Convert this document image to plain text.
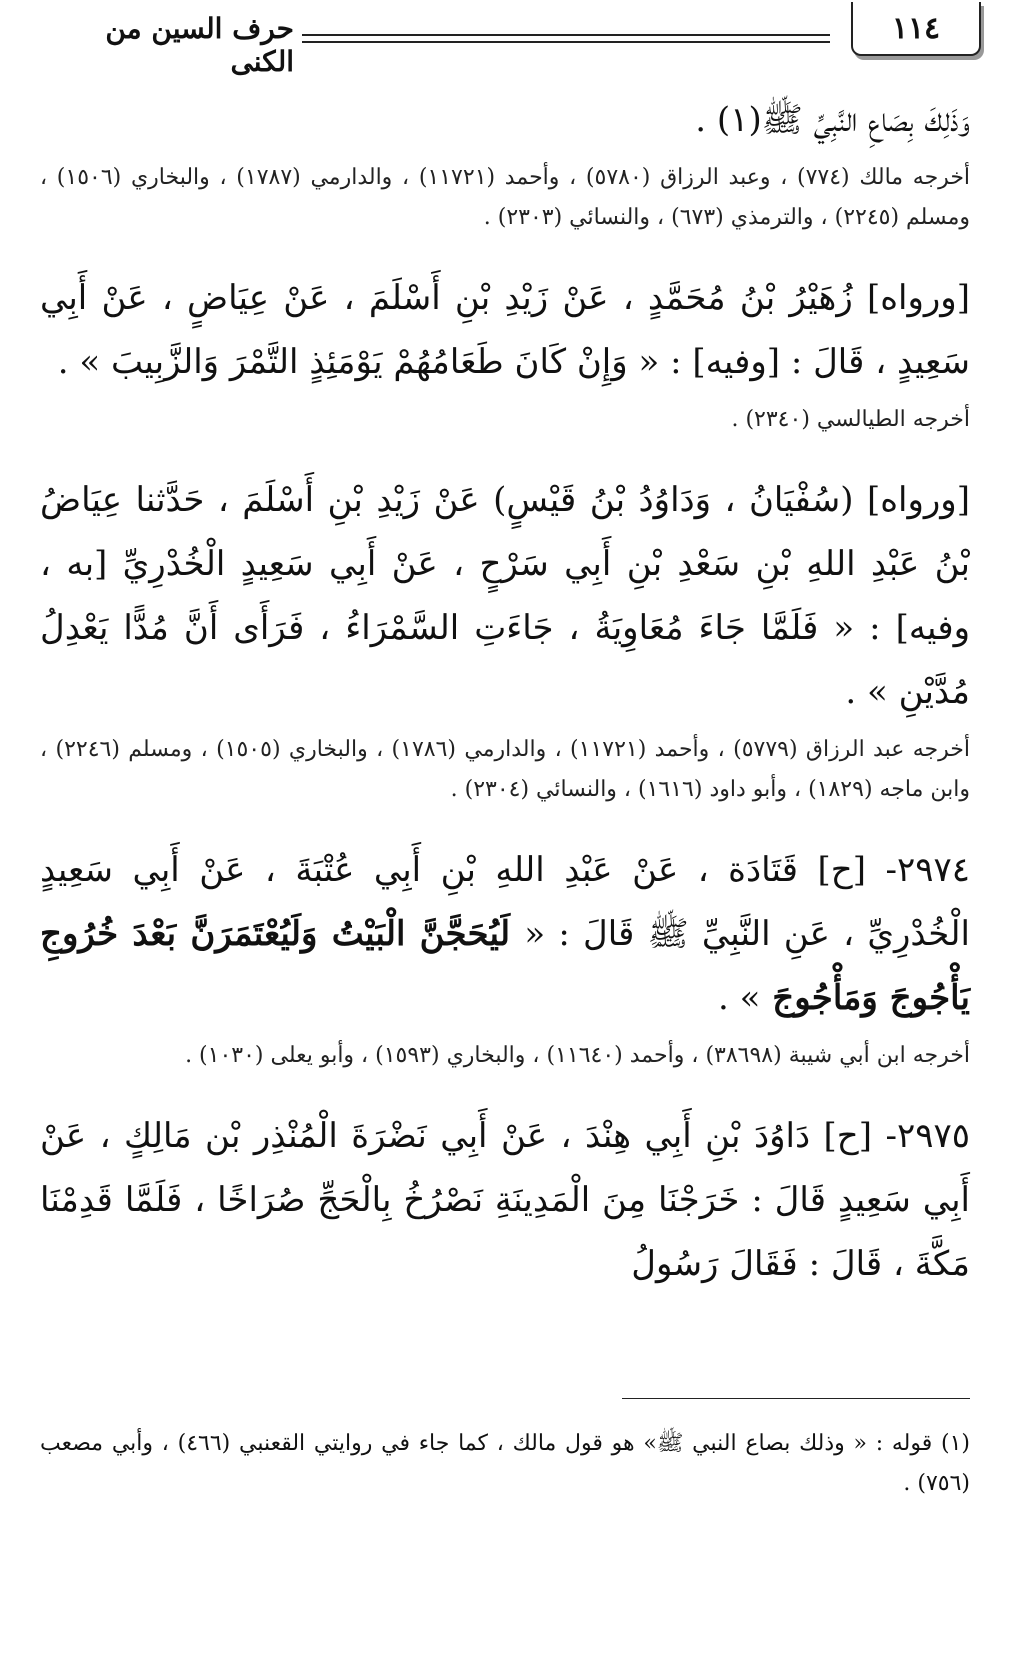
١١٤
حرف السين من الكنى

وَذَلِكَ بِصَاعِ النَّبِيِّ ﷺ(١) .

أخرجه مالك (٧٧٤) ، وعبد الرزاق (٥٧٨٠) ، وأحمد (١١٧٢١) ، والدارمي (١٧٨٧) ، والبخاري (١٥٠٦) ، ومسلم (٢٢٤٥) ، والترمذي (٦٧٣) ، والنسائي (٢٣٠٣) .

[ورواه] زُهَيْرُ بْنُ مُحَمَّدٍ ، عَنْ زَيْدِ بْنِ أَسْلَمَ ، عَنْ عِيَاضٍ ، عَنْ أَبِي سَعِيدٍ ، قَالَ : [وفيه] : « وَإِنْ كَانَ طَعَامُهُمْ يَوْمَئِذٍ التَّمْرَ وَالزَّبِيبَ » .

أخرجه الطيالسي (٢٣٤٠) .

[ورواه] (سُفْيَانُ ، وَدَاوُدُ بْنُ قَيْسٍ) عَنْ زَيْدِ بْنِ أَسْلَمَ ، حَدَّثنا عِيَاضُ بْنُ عَبْدِ اللهِ بْنِ سَعْدِ بْنِ أَبِي سَرْحٍ ، عَنْ أَبِي سَعِيدٍ الْخُدْرِيِّ [به ، وفيه] : « فَلَمَّا جَاءَ مُعَاوِيَةُ ، جَاءَتِ السَّمْرَاءُ ، فَرَأَى أَنَّ مُدًّا يَعْدِلُ مُدَّيْنِ » .

أخرجه عبد الرزاق (٥٧٧٩) ، وأحمد (١١٧٢١) ، والدارمي (١٧٨٦) ، والبخاري (١٥٠٥) ، ومسلم (٢٢٤٦) ، وابن ماجه (١٨٢٩) ، وأبو داود (١٦١٦) ، والنسائي (٢٣٠٤) .

٢٩٧٤- [ح] قَتَادَة ، عَنْ عَبْدِ اللهِ بْنِ أَبِي عُتْبَةَ ، عَنْ أَبِي سَعِيدٍ الْخُدْرِيِّ ، عَنِ النَّبِيِّ ﷺ قَالَ : « لَيُحَجَّنَّ الْبَيْتُ وَلَيُعْتَمَرَنَّ بَعْدَ خُرُوجِ يَأْجُوجَ وَمَأْجُوجَ » .

أخرجه ابن أبي شيبة (٣٨٦٩٨) ، وأحمد (١١٦٤٠) ، والبخاري (١٥٩٣) ، وأبو يعلى (١٠٣٠) .

٢٩٧٥- [ح] دَاوُدَ بْنِ أَبِي هِنْدَ ، عَنْ أَبِي نَضْرَةَ الْمُنْذِر بْن مَالِكٍ ، عَنْ أَبِي سَعِيدٍ قَالَ : خَرَجْنَا مِنَ الْمَدِينَةِ نَصْرُخُ بِالْحَجِّ صُرَاخًا ، فَلَمَّا قَدِمْنَا مَكَّةَ ، قَالَ : فَقَالَ رَسُولُ

(١) قوله : « وذلك بصاع النبي ﷺ» هو قول مالك ، كما جاء في روايتي القعنبي (٤٦٦) ، وأبي مصعب (٧٥٦) .
